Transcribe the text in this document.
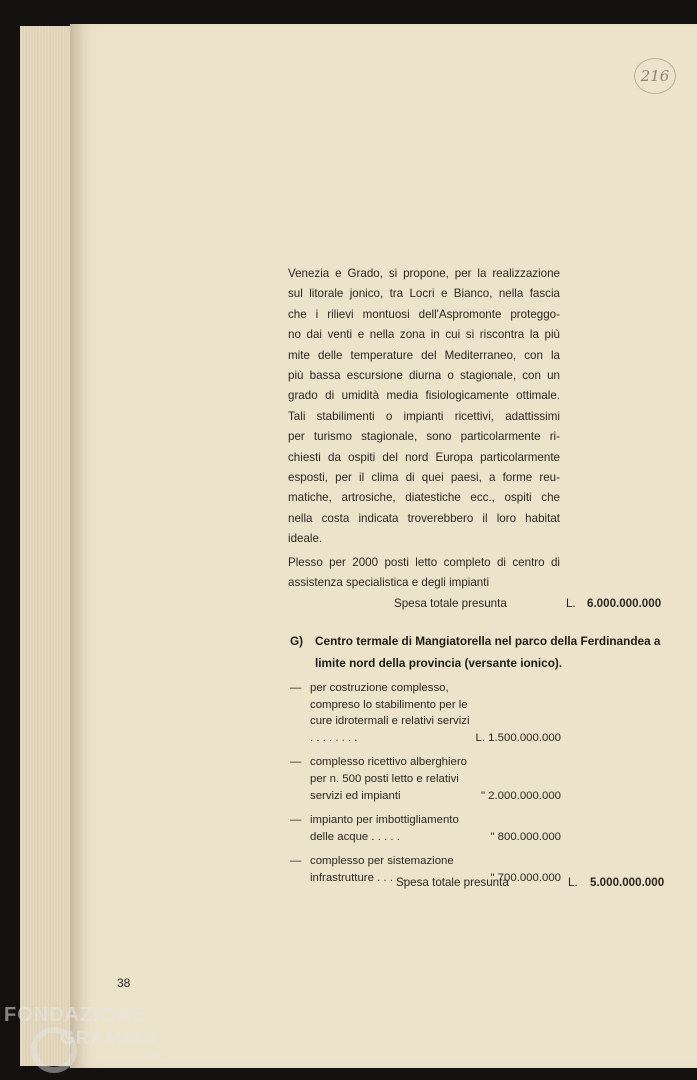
216

Venezia e Grado, si propone, per la realizzazione
sul litorale jonico, tra Locri e Bianco, nella fascia
che i rilievi montuosi dell'Aspromonte proteggo-
no dai venti e nella zona in cui si riscontra la più
mite delle temperature del Mediterraneo, con la
più bassa escursione diurna o stagionale, con un
grado di umidità media fisiologicamente ottimale.
Tali stabilimenti o impianti ricettivi, adattissimi
per turismo stagionale, sono particolarmente ri-
chiesti da ospiti del nord Europa particolarmente
esposti, per il clima di quei paesi, a forme reu-
matiche, artrosiche, diatestiche ecc., ospiti che
nella costa indicata troverebbero il loro habitat
ideale.

Plesso per 2000 posti letto completo di centro di
assistenza specialistica e degli impianti

Spesa totale presunta	L. 6.000.000.000
G) Centro termale di Mangiatorella nel parco della Ferdinandea a limite nord della provincia (versante ionico).
— per costruzione complesso, compreso lo stabilimento per le cure idrotermali e relativi servizi . . . . . . . .	L. 1.500.000.000
— complesso ricettivo alberghiero per n. 500 posti letto e relativi servizi ed impianti	" 2.000.000.000
— impianto per imbottigliamento delle acque . . . . .	" 800.000.000
— complesso per sistemazione infrastrutture . . . . .	" 700.000.000
Spesa totale presunta	L. 5.000.000.000
38
FONDAZIONE
GRAMSCI
onlus
